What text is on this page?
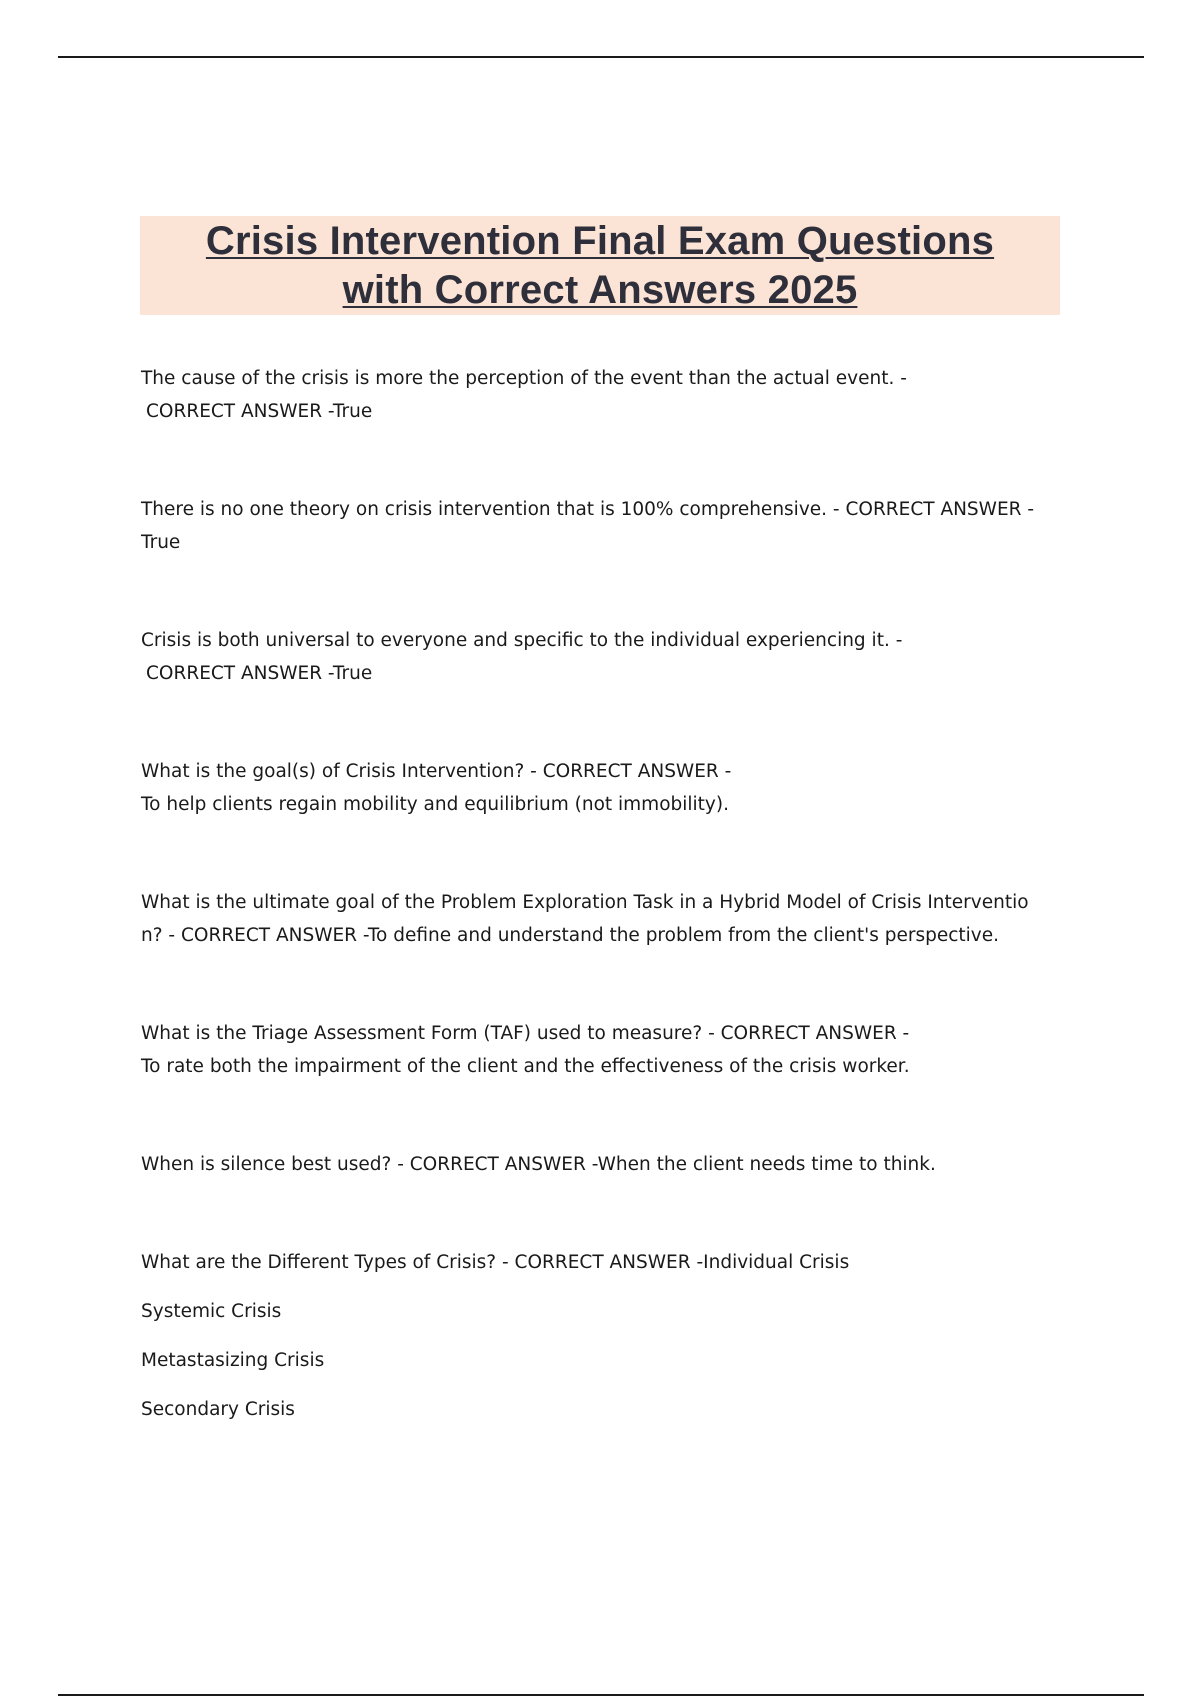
Crisis Intervention Final Exam Questions
with Correct Answers 2025

The cause of the crisis is more the perception of the event than the actual event. -
CORRECT ANSWER -True

There is no one theory on crisis intervention that is 100% comprehensive. - CORRECT ANSWER -
True

Crisis is both universal to everyone and specific to the individual experiencing it. -
CORRECT ANSWER -True

What is the goal(s) of Crisis Intervention? - CORRECT ANSWER -
To help clients regain mobility and equilibrium (not immobility).

What is the ultimate goal of the Problem Exploration Task in a Hybrid Model of Crisis Interventio
n? - CORRECT ANSWER -To define and understand the problem from the client's perspective.

What is the Triage Assessment Form (TAF) used to measure? - CORRECT ANSWER -
To rate both the impairment of the client and the effectiveness of the crisis worker.

When is silence best used? - CORRECT ANSWER -When the client needs time to think.

What are the Different Types of Crisis? - CORRECT ANSWER -Individual Crisis

Systemic Crisis

Metastasizing Crisis

Secondary Crisis
